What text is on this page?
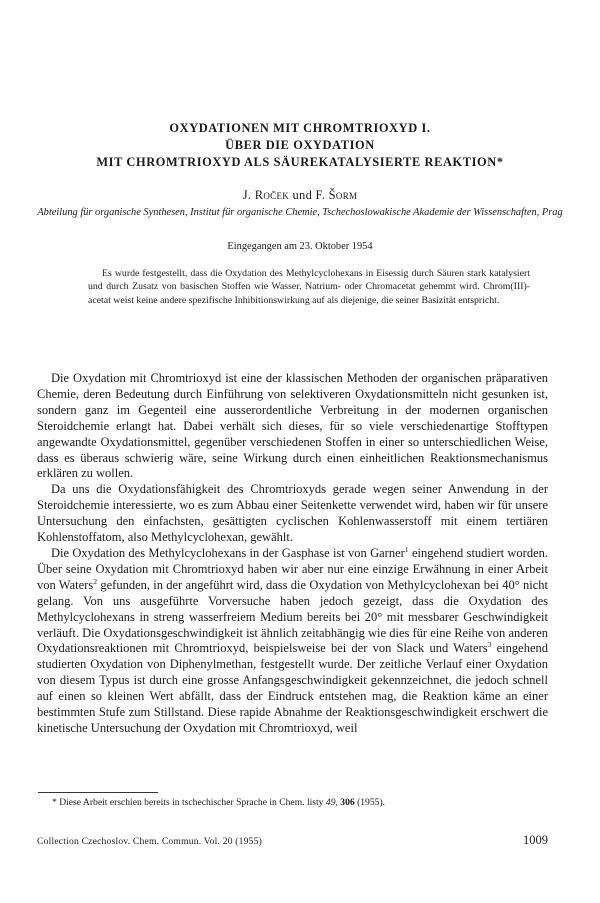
OXYDATIONEN MIT CHROMTRIOXYD I.
ÜBER DIE OXYDATION
MIT CHROMTRIOXYD ALS SÄUREKATALYSIERTE REAKTION*
J. Roček und F. Šorm
Abteilung für organische Synthesen, Institut für organische Chemie, Tschechoslowakische Akademie der Wissenschaften, Prag
Eingegangen am 23. Oktober 1954

Es wurde festgestellt, dass die Oxydation des Methylcyclohexans in Eisessig durch Säuren stark katalysiert und durch Zusatz von basischen Stoffen wie Wasser, Natrium- oder Chromacetat gehemmt wird. Chrom(III)-acetat weist keine andere spezifische Inhibitionswirkung auf als diejenige, die seiner Basizität entspricht.

Die Oxydation mit Chromtrioxyd ist eine der klassischen Methoden der organischen präparativen Chemie, deren Bedeutung durch Einführung von selektiveren Oxydationsmitteln nicht gesunken ist, sondern ganz im Gegenteil eine ausserordentliche Verbreitung in der modernen organischen Steroidchemie erlangt hat. Dabei verhält sich dieses, für so viele verschiedenartige Stofftypen angewandte Oxydationsmittel, gegenüber verschiedenen Stoffen in einer so unterschiedlichen Weise, dass es überaus schwierig wäre, seine Wirkung durch einen einheitlichen Reaktionsmechanismus erklären zu wollen.

Da uns die Oxydationsfähigkeit des Chromtrioxyds gerade wegen seiner Anwendung in der Steroidchemie interessierte, wo es zum Abbau einer Seitenkette verwendet wird, haben wir für unsere Untersuchung den einfachsten, gesättigten cyclischen Kohlenwasserstoff mit einem tertiären Kohlenstoffatom, also Methylcyclohexan, gewählt.

Die Oxydation des Methylcyclohexans in der Gasphase ist von Garner$^1$ eingehend studiert worden. Über seine Oxydation mit Chromtrioxyd haben wir aber nur eine einzige Erwähnung in einer Arbeit von Waters$^2$ gefunden, in der angeführt wird, dass die Oxydation von Methylcyclohexan bei 40° nicht gelang. Von uns ausgeführte Vorversuche haben jedoch gezeigt, dass die Oxydation des Methylcyclohexans in streng wasserfreiem Medium bereits bei 20° mit messbarer Geschwindigkeit verläuft. Die Oxydationsgeschwindigkeit ist ähnlich zeitabhängig wie dies für eine Reihe von anderen Oxydationsreaktionen mit Chromtrioxyd, beispielsweise bei der von Slack und Waters$^3$ eingehend studierten Oxydation von Diphenylmethan, festgestellt wurde. Der zeitliche Verlauf einer Oxydation von diesem Typus ist durch eine grosse Anfangsgeschwindigkeit gekennzeichnet, die jedoch schnell auf einen so kleinen Wert abfällt, dass der Eindruck entstehen mag, die Reaktion käme an einer bestimmten Stufe zum Stillstand. Diese rapide Abnahme der Reaktionsgeschwindigkeit erschwert die kinetische Untersuchung der Oxydation mit Chromtrioxyd, weil

* Diese Arbeit erschien bereits in tschechischer Sprache in Chem. listy 49, 306 (1955).
Collection Czechoslov. Chem. Commun. Vol. 20 (1955)	1009
